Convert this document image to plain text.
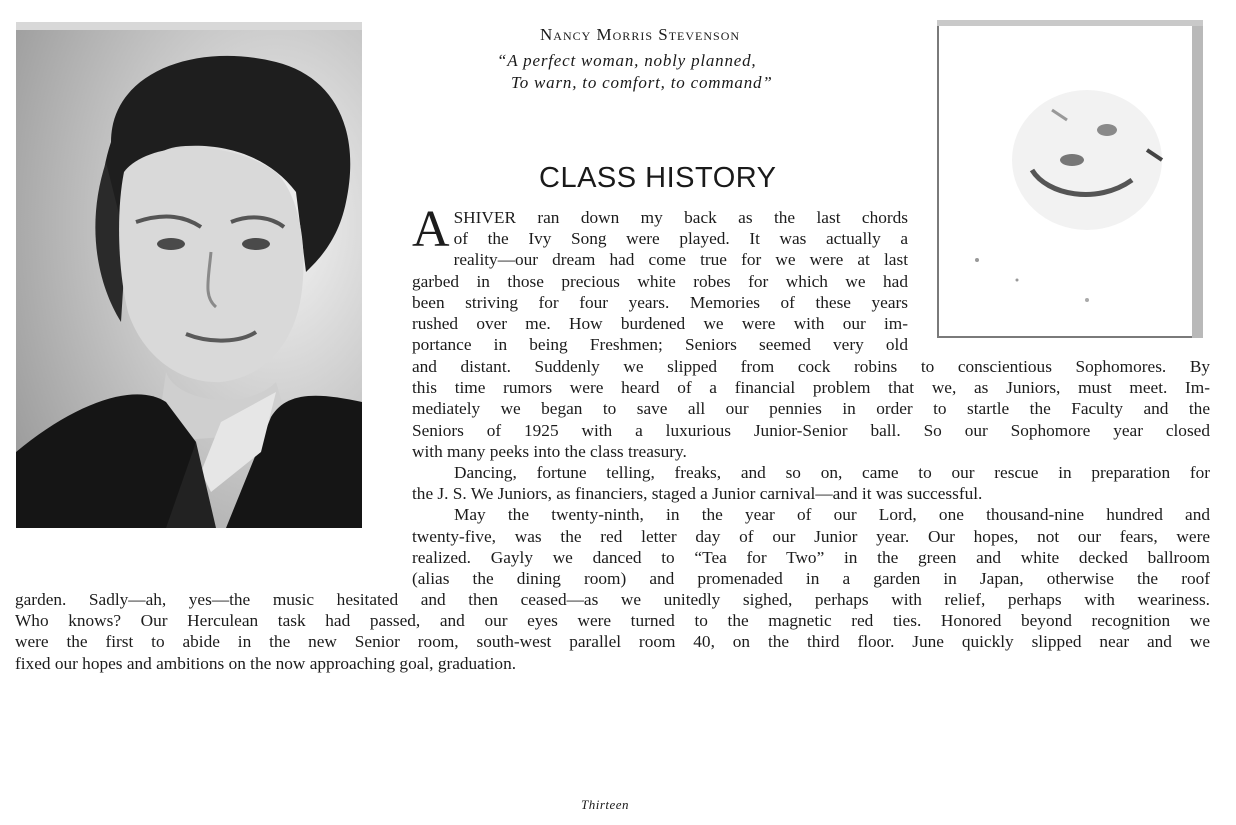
Nancy Morris Stevenson
“A perfect woman, nobly planned,
To warn, to comfort, to command”
CLASS HISTORY
A SHIVER ran down my back as the last chords
of the Ivy Song were played. It was actually a
reality—our dream had come true for we were at last
garbed in those precious white robes for which we had
been striving for four years. Memories of these years
rushed over me. How burdened we were with our im-
portance in being Freshmen; Seniors seemed very old
and distant. Suddenly we slipped from cock robins to conscientious Sophomores. By
this time rumors were heard of a financial problem that we, as Juniors, must meet. Im-
mediately we began to save all our pennies in order to startle the Faculty and the
Seniors of 1925 with a luxurious Junior-Senior ball. So our Sophomore year closed
with many peeks into the class treasury.
Dancing, fortune telling, freaks, and so on, came to our rescue in preparation for
the J. S. We Juniors, as financiers, staged a Junior carnival—and it was successful.
May the twenty-ninth, in the year of our Lord, one thousand-nine hundred and
twenty-five, was the red letter day of our Junior year. Our hopes, not our fears, were
realized. Gayly we danced to “Tea for Two” in the green and white decked ballroom
(alias the dining room) and promenaded in a garden in Japan, otherwise the roof
garden. Sadly—ah, yes—the music hesitated and then ceased—as we unitedly sighed, perhaps with relief, perhaps with weariness.
Who knows? Our Herculean task had passed, and our eyes were turned to the magnetic red ties. Honored beyond recognition we
were the first to abide in the new Senior room, south-west parallel room 40, on the third floor. June quickly slipped near and we
fixed our hopes and ambitions on the now approaching goal, graduation.
Thirteen
